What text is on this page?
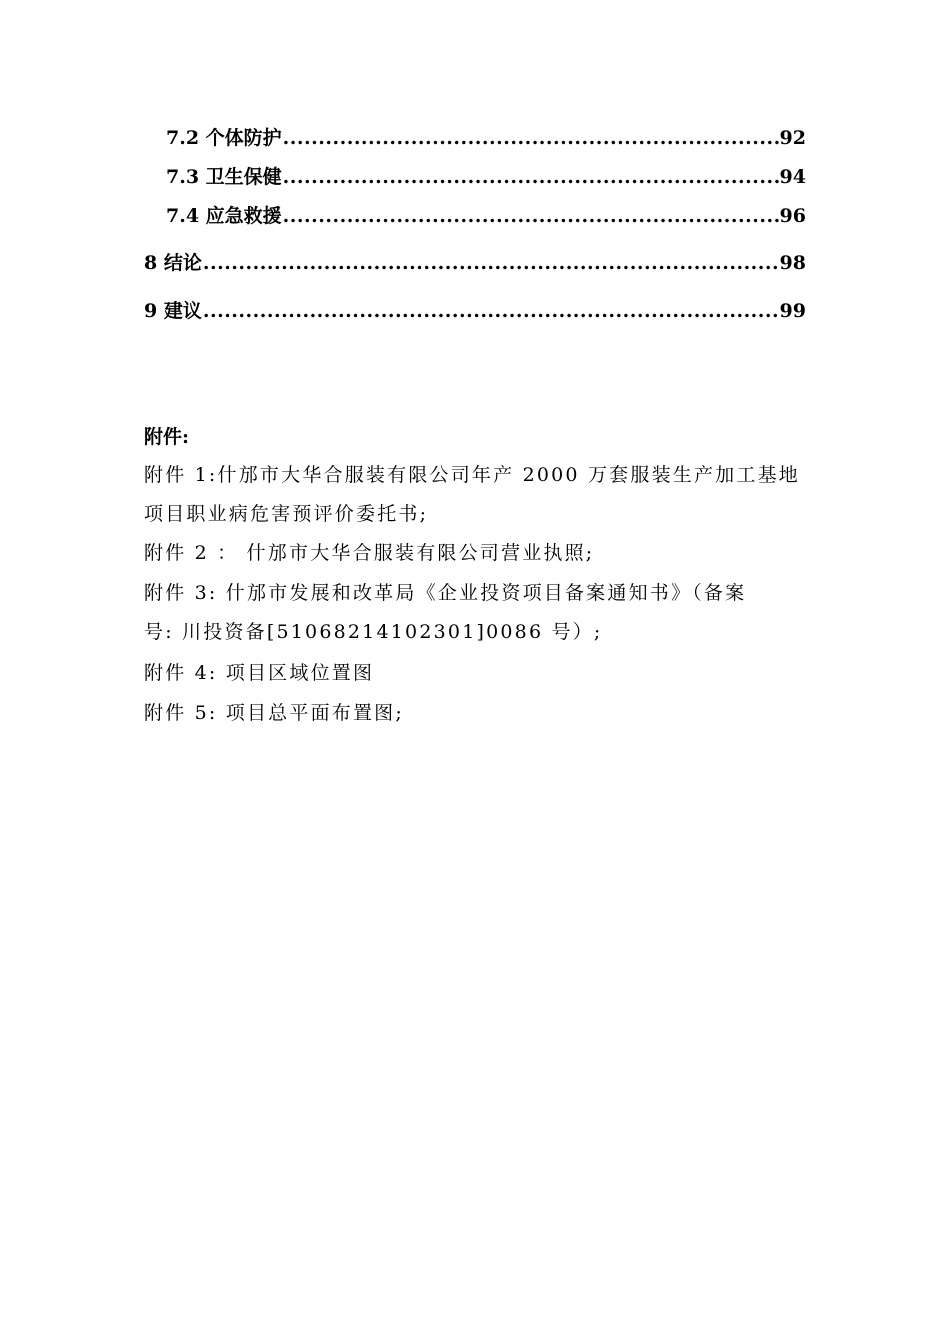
7.2 个体防护 .....	92
7.3 卫生保健 .....	94
7.4 应急救援 .....	96
8 结论 .....	98
9 建议 .....	99
附件:
附件 1:什邡市大华合服装有限公司年产 2000 万套服装生产加工基地
项目职业病危害预评价委托书;
附件 2 ： 什邡市大华合服装有限公司营业执照;
附件 3: 什邡市发展和改革局《企业投资项目备案通知书》（备案
号: 川投资备[51068214102301]0086 号）;
附件 4: 项目区域位置图
附件 5: 项目总平面布置图;
